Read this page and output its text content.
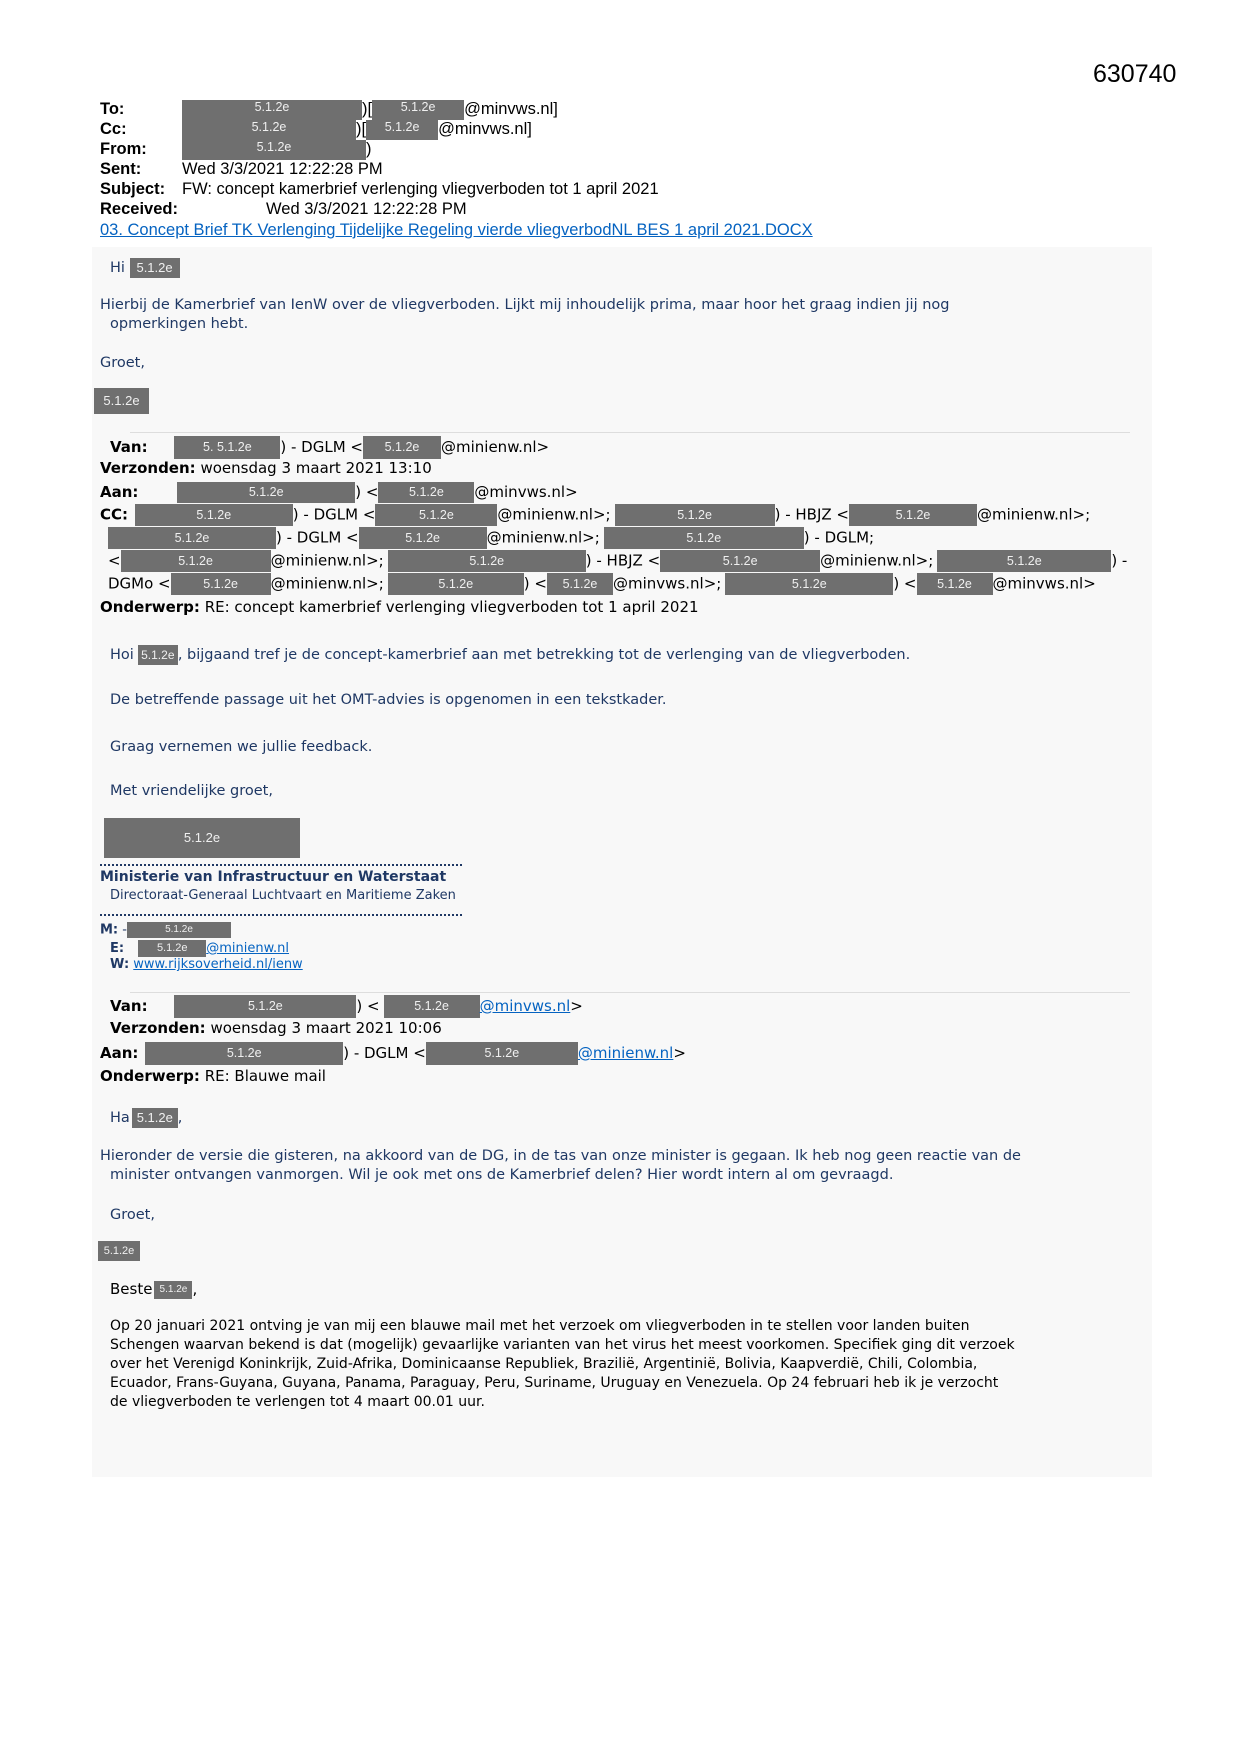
630740
To:	5.1.2e	)[ 5.1.2e @minvws.nl]
Cc:	5.1.2e	)[ 5.1.2e @minvws.nl]
From:	5.1.2e	)
Sent: Wed 3/3/2021 12:22:28 PM
Subject: FW: concept kamerbrief verlenging vliegverboden tot 1 april 2021
Received:	Wed 3/3/2021 12:22:28 PM
03. Concept Brief TK Verlenging Tijdelijke Regeling vierde vliegverbodNL BES 1 april 2021.DOCX
Hi 5.1.2e
Hierbij de Kamerbrief van IenW over de vliegverboden. Lijkt mij inhoudelijk prima, maar hoor het graag indien jij nog
opmerkingen hebt.
Groet,
5.1.2e
Van:	5. 5.1.2e ) - DGLM < 5.1.2e @minienw.nl>
Verzonden: woensdag 3 maart 2021 13:10
Aan:	5.1.2e	) < 5.1.2e @minvws.nl>
CC:	5.1.2e	) - DGLM <	5.1.2e	@minienw.nl>;	5.1.2e	) - HBJZ <	5.1.2e	@minienw.nl>;
5.1.2e	) - DGLM <	5.1.2e	@minienw.nl>;	5.1.2e	) - DGLM;
<	5.1.2e	@minienw.nl>;	5.1.2e	) - HBJZ <	5.1.2e	@minienw.nl>;	5.1.2e	) -
DGMo <	5.1.2e @minienw.nl>;	5.1.2e	) < 5.1.2e @minvws.nl>;	5.1.2e	) < 5.1.2e @minvws.nl>
Onderwerp: RE: concept kamerbrief verlenging vliegverboden tot 1 april 2021
Hoi 5.1.2e , bijgaand tref je de concept-kamerbrief aan met betrekking tot de verlenging van de vliegverboden.
De betreffende passage uit het OMT-advies is opgenomen in een tekstkader.
Graag vernemen we jullie feedback.
Met vriendelijke groet,
5.1.2e
Ministerie van Infrastructuur en Waterstaat
Directoraat-Generaal Luchtvaart en Maritieme Zaken
M: -	5.1.2e
E:	5.1.2e @minienw.nl
W: www.rijksoverheid.nl/ienw
Van:	5.1.2e	) <	5.1.2e @minvws.nl>
Verzonden: woensdag 3 maart 2021 10:06
Aan:	5.1.2e	) - DGLM <	5.1.2e	@minienw.nl>
Onderwerp: RE: Blauwe mail
Ha 5.1.2e ,
Hieronder de versie die gisteren, na akkoord van de DG, in de tas van onze minister is gegaan. Ik heb nog geen reactie van de
minister ontvangen vanmorgen. Wil je ook met ons de Kamerbrief delen? Hier wordt intern al om gevraagd.
Groet,
5.1.2e
Beste 5.1.2e ,
Op 20 januari 2021 ontving je van mij een blauwe mail met het verzoek om vliegverboden in te stellen voor landen buiten
Schengen waarvan bekend is dat (mogelijk) gevaarlijke varianten van het virus het meest voorkomen. Specifiek ging dit verzoek
over het Verenigd Koninkrijk, Zuid-Afrika, Dominicaanse Republiek, Brazilië, Argentinië, Bolivia, Kaapverdië, Chili, Colombia,
Ecuador, Frans-Guyana, Guyana, Panama, Paraguay, Peru, Suriname, Uruguay en Venezuela. Op 24 februari heb ik je verzocht
de vliegverboden te verlengen tot 4 maart 00.01 uur.
